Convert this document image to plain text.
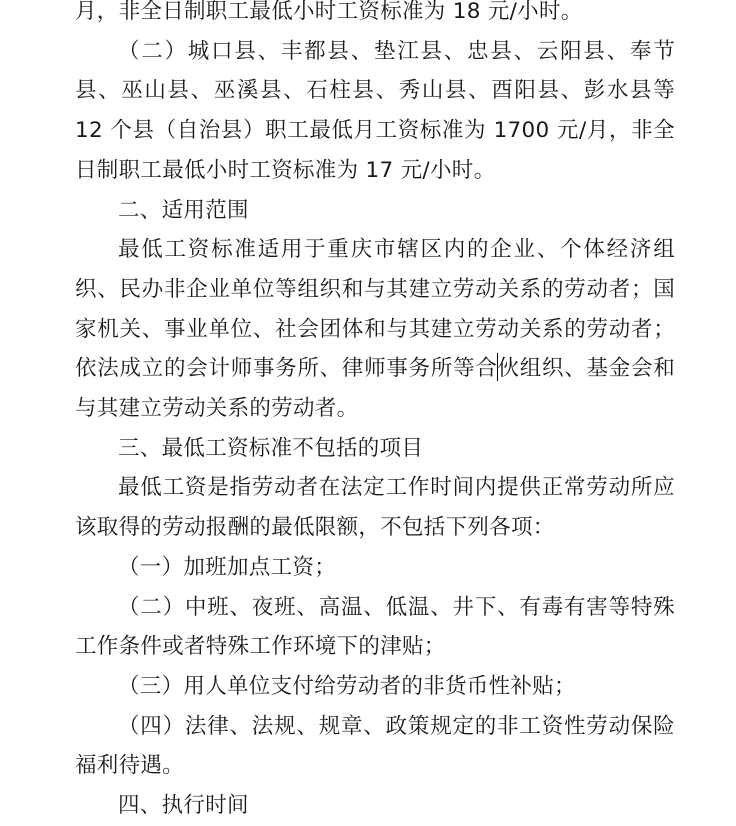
月，非全日制职工最低小时工资标准为 18 元/小时。

（二）城口县、丰都县、垫江县、忠县、云阳县、奉节县、巫山县、巫溪县、石柱县、秀山县、酉阳县、彭水县等 12 个县（自治县）职工最低月工资标准为 1700 元/月，非全日制职工最低小时工资标准为 17 元/小时。

二、适用范围

最低工资标准适用于重庆市辖区内的企业、个体经济组织、民办非企业单位等组织和与其建立劳动关系的劳动者；国家机关、事业单位、社会团体和与其建立劳动关系的劳动者；依法成立的会计师事务所、律师事务所等合伙组织、基金会和与其建立劳动关系的劳动者。

三、最低工资标准不包括的项目

最低工资是指劳动者在法定工作时间内提供正常劳动所应该取得的劳动报酬的最低限额，不包括下列各项：

（一）加班加点工资；

（二）中班、夜班、高温、低温、井下、有毒有害等特殊工作条件或者特殊工作环境下的津贴；

（三）用人单位支付给劳动者的非货币性补贴；

（四）法律、法规、规章、政策规定的非工资性劳动保险福利待遇。

四、执行时间
